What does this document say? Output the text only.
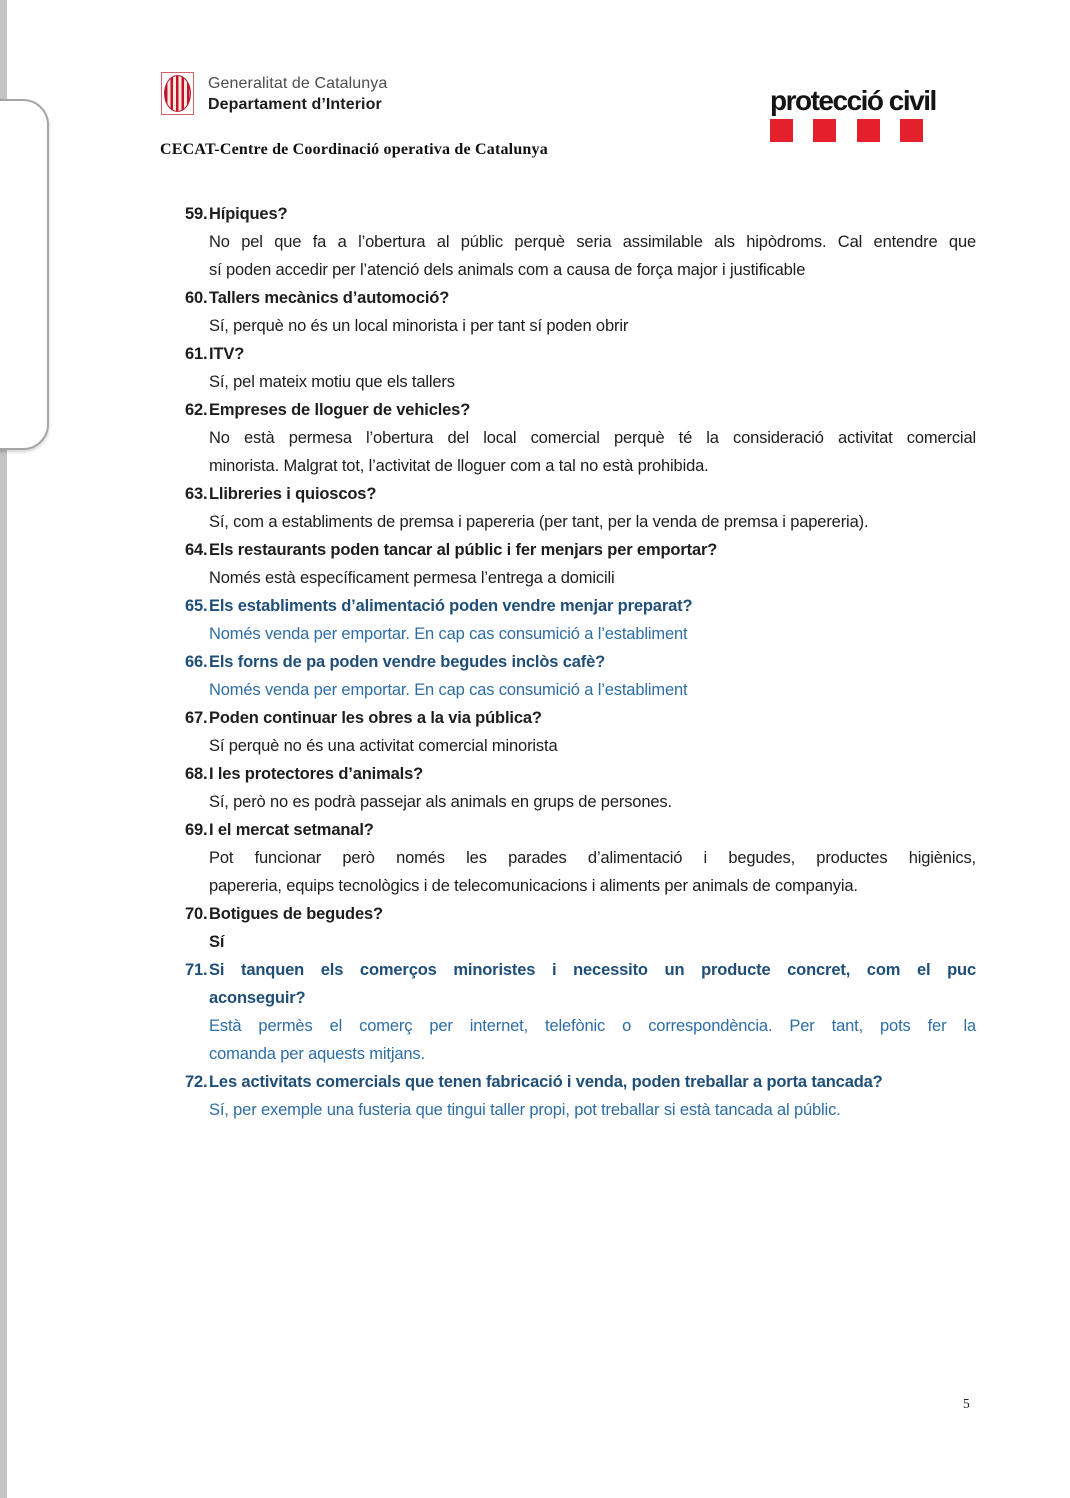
Generalitat de Catalunya
Departament d’Interior
CECAT-Centre de Coordinació operativa de Catalunya
protecció civil
59. Hípiques?
No pel que fa a l’obertura al públic perquè seria assimilable als hipòdroms. Cal entendre que
sí poden accedir per l’atenció dels animals com a causa de força major i justificable
60. Tallers mecànics d’automoció?
Sí, perquè no és un local minorista i per tant sí poden obrir
61. ITV?
Sí, pel mateix motiu que els tallers
62. Empreses de lloguer de vehicles?
No està permesa l’obertura del local comercial perquè té la consideració activitat comercial
minorista. Malgrat tot, l’activitat de lloguer com a tal no està prohibida.
63. Llibreries i quioscos?
Sí, com a establiments de premsa i papereria (per tant, per la venda de premsa i papereria).
64. Els restaurants poden tancar al públic i fer menjars per emportar?
Només està específicament permesa l’entrega a domicili
65. Els establiments d’alimentació poden vendre menjar preparat?
Només venda per emportar. En cap cas consumició a l’establiment
66. Els forns de pa poden vendre begudes inclòs cafè?
Només venda per emportar. En cap cas consumició a l’establiment
67. Poden continuar les obres a la via pública?
Sí perquè no és una activitat comercial minorista
68. I les protectores d’animals?
Sí, però no es podrà passejar als animals en grups de persones.
69. I el mercat setmanal?
Pot funcionar però només les parades d’alimentació i begudes, productes higiènics,
papereria, equips tecnològics i de telecomunicacions i aliments per animals de companyia.
70. Botigues de begudes?
Sí
71. Si tanquen els comerços minoristes i necessito un producte concret, com el puc
aconseguir?
Està permès el comerç per internet, telefònic o correspondència. Per tant, pots fer la
comanda per aquests mitjans.
72. Les activitats comercials que tenen fabricació i venda, poden treballar a porta tancada?
Sí, per exemple una fusteria que tingui taller propi, pot treballar si està tancada al públic.
5
